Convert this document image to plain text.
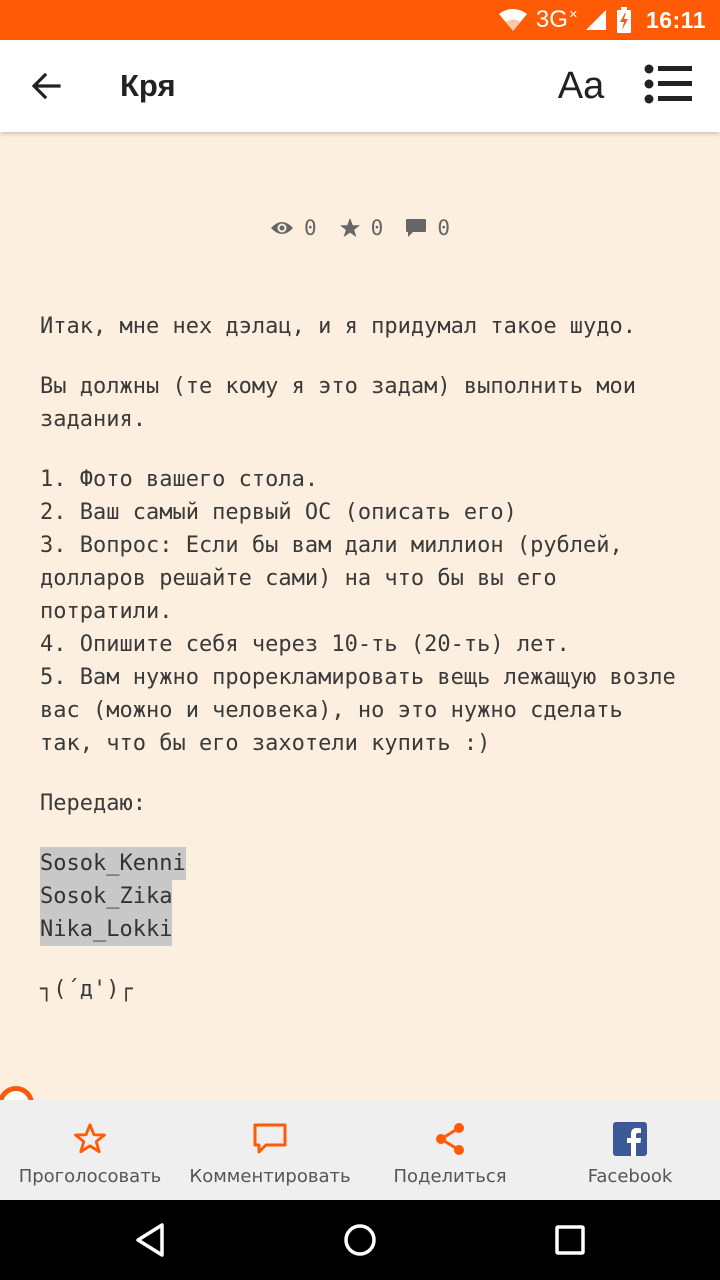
3G ✕	16:11
Кря	Aa
0	0	0

Итак, мне нех дэлац, и я придумал такое шудо.

Вы должны (те кому я это задам) выполнить мои задания.

1. Фото вашего стола.
2. Ваш самый первый ОС (описать его)
3. Вопрос: Если бы вам дали миллион (рублей, долларов решайте сами) на что бы вы его потратили.
4. Опишите себя через 10-ть (20-ть) лет.
5. Вам нужно прорекламировать вещь лежащую возле вас (можно и человека), но это нужно сделать так, что бы его захотели купить :)

Передаю:

Sosok_Kenni
Sosok_Zika
Nika_Lokki

┐(´д')┌

Проголосовать Комментировать Поделиться	Facebook
